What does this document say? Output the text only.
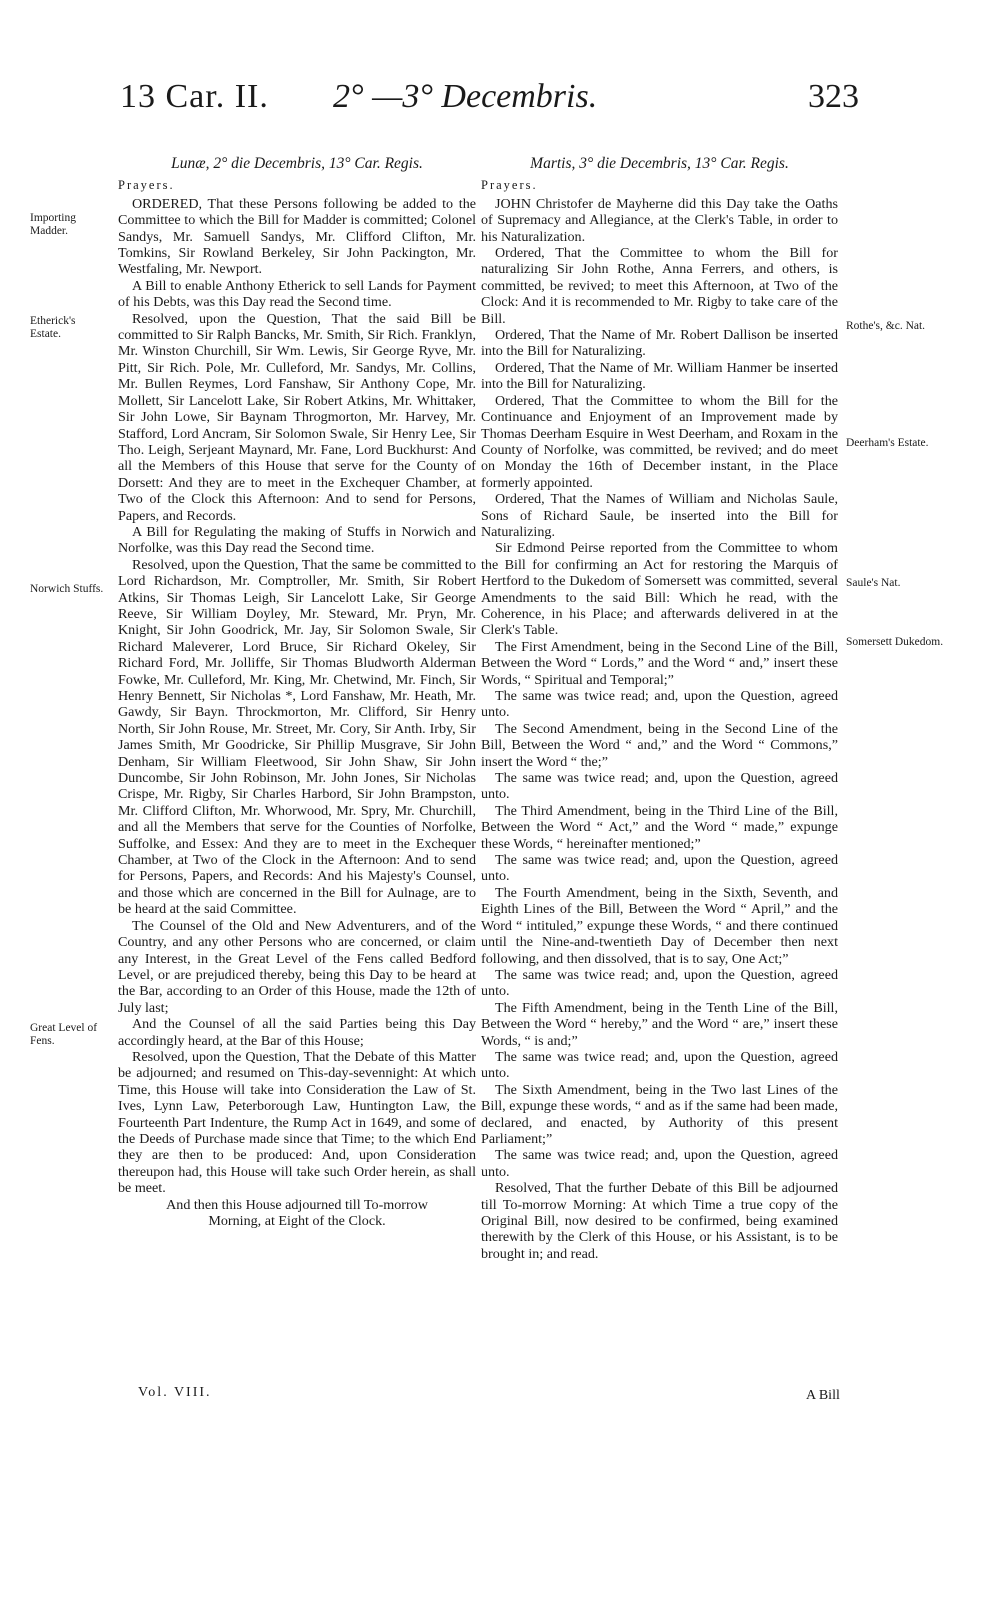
13 Car. II. 2° —3° Decembris.	323
Importing Madder.
Etherick's Estate.
Norwich Stuffs.
Great Level of Fens.
Rothe's, &c. Nat.
Deerham's Estate.
Saule's Nat.
Somersett Dukedom.

Lunæ, 2° die Decembris, 13° Car. Regis.

Prayers.

ORDERED, That these Persons following be added to the Committee to which the Bill for Madder is committed; Colonel Sandys, Mr. Samuell Sandys, Mr. Clifford Clifton, Mr. Tomkins, Sir Rowland Berkeley, Sir John Packington, Mr. Westfaling, Mr. Newport.

A Bill to enable Anthony Etherick to sell Lands for Payment of his Debts, was this Day read the Second time.

Resolved, upon the Question, That the said Bill be committed to Sir Ralph Bancks, Mr. Smith, Sir Rich. Franklyn, Mr. Winston Churchill, Sir Wm. Lewis, Sir George Ryve, Mr. Pitt, Sir Rich. Pole, Mr. Culleford, Mr. Sandys, Mr. Collins, Mr. Bullen Reymes, Lord Fanshaw, Sir Anthony Cope, Mr. Mollett, Sir Lancelott Lake, Sir Robert Atkins, Mr. Whittaker, Sir John Lowe, Sir Baynam Throgmorton, Mr. Harvey, Mr. Stafford, Lord Ancram, Sir Solomon Swale, Sir Henry Lee, Sir Tho. Leigh, Serjeant Maynard, Mr. Fane, Lord Buckhurst: And all the Members of this House that serve for the County of Dorsett: And they are to meet in the Exchequer Chamber, at Two of the Clock this Afternoon: And to send for Persons, Papers, and Records.

A Bill for Regulating the making of Stuffs in Norwich and Norfolke, was this Day read the Second time.

Resolved, upon the Question, That the same be committed to Lord Richardson, Mr. Comptroller, Mr. Smith, Sir Robert Atkins, Sir Thomas Leigh, Sir Lancelott Lake, Sir George Reeve, Sir William Doyley, Mr. Steward, Mr. Pryn, Mr. Knight, Sir John Goodrick, Mr. Jay, Sir Solomon Swale, Sir Richard Maleverer, Lord Bruce, Sir Richard Okeley, Sir Richard Ford, Mr. Jolliffe, Sir Thomas Bludworth Alderman Fowke, Mr. Culleford, Mr. King, Mr. Chetwind, Mr. Finch, Sir Henry Bennett, Sir Nicholas *, Lord Fanshaw, Mr. Heath, Mr. Gawdy, Sir Bayn. Throckmorton, Mr. Clifford, Sir Henry North, Sir John Rouse, Mr. Street, Mr. Cory, Sir Anth. Irby, Sir James Smith, Mr Goodricke, Sir Phillip Musgrave, Sir John Denham, Sir William Fleetwood, Sir John Shaw, Sir John Duncombe, Sir John Robinson, Mr. John Jones, Sir Nicholas Crispe, Mr. Rigby, Sir Charles Harbord, Sir John Brampston, Mr. Clifford Clifton, Mr. Whorwood, Mr. Spry, Mr. Churchill, and all the Members that serve for the Counties of Norfolke, Suffolke, and Essex: And they are to meet in the Exchequer Chamber, at Two of the Clock in the Afternoon: And to send for Persons, Papers, and Records: And his Majesty's Counsel, and those which are concerned in the Bill for Aulnage, are to be heard at the said Committee.

The Counsel of the Old and New Adventurers, and of the Country, and any other Persons who are concerned, or claim any Interest, in the Great Level of the Fens called Bedford Level, or are prejudiced thereby, being this Day to be heard at the Bar, according to an Order of this House, made the 12th of July last;

And the Counsel of all the said Parties being this Day accordingly heard, at the Bar of this House;

Resolved, upon the Question, That the Debate of this Matter be adjourned; and resumed on This-day-sevennight: At which Time, this House will take into Consideration the Law of St. Ives, Lynn Law, Peterborough Law, Huntington Law, the Fourteenth Part Indenture, the Rump Act in 1649, and some of the Deeds of Purchase made since that Time; to the which End they are then to be produced: And, upon Consideration thereupon had, this House will take such Order herein, as shall be meet.

And then this House adjourned till To-morrow Morning, at Eight of the Clock.

Martis, 3° die Decembris, 13° Car. Regis.

Prayers.

JOHN Christofer de Mayherne did this Day take the Oaths of Supremacy and Allegiance, at the Clerk's Table, in order to his Naturalization.

Ordered, That the Committee to whom the Bill for naturalizing Sir John Rothe, Anna Ferrers, and others, is committed, be revived; to meet this Afternoon, at Two of the Clock: And it is recommended to Mr. Rigby to take care of the Bill.

Ordered, That the Name of Mr. Robert Dallison be inserted into the Bill for Naturalizing.

Ordered, That the Name of Mr. William Hanmer be inserted into the Bill for Naturalizing.

Ordered, That the Committee to whom the Bill for the Continuance and Enjoyment of an Improvement made by Thomas Deerham Esquire in West Deerham, and Roxam in the County of Norfolke, was committed, be revived; and do meet on Monday the 16th of December instant, in the Place formerly appointed.

Ordered, That the Names of William and Nicholas Saule, Sons of Richard Saule, be inserted into the Bill for Naturalizing.

Sir Edmond Peirse reported from the Committee to whom the Bill for confirming an Act for restoring the Marquis of Hertford to the Dukedom of Somersett was committed, several Amendments to the said Bill: Which he read, with the Coherence, in his Place; and afterwards delivered in at the Clerk's Table.

The First Amendment, being in the Second Line of the Bill, Between the Word “ Lords,” and the Word “ and,” insert these Words, “ Spiritual and Temporal;”

The same was twice read; and, upon the Question, agreed unto.

The Second Amendment, being in the Second Line of the Bill, Between the Word “ and,” and the Word “ Commons,” insert the Word “ the;”

The same was twice read; and, upon the Question, agreed unto.

The Third Amendment, being in the Third Line of the Bill, Between the Word “ Act,” and the Word “ made,” expunge these Words, “ hereinafter mentioned;”

The same was twice read; and, upon the Question, agreed unto.

The Fourth Amendment, being in the Sixth, Seventh, and Eighth Lines of the Bill, Between the Word “ April,” and the Word “ intituled,” expunge these Words, “ and there continued until the Nine-and-twentieth Day of December then next following, and then dissolved, that is to say, One Act;”

The same was twice read; and, upon the Question, agreed unto.

The Fifth Amendment, being in the Tenth Line of the Bill, Between the Word “ hereby,” and the Word “ are,” insert these Words, “ is and;”

The same was twice read; and, upon the Question, agreed unto.

The Sixth Amendment, being in the Two last Lines of the Bill, expunge these words, “ and as if the same had been made, declared, and enacted, by Authority of this present Parliament;”

The same was twice read; and, upon the Question, agreed unto.

Resolved, That the further Debate of this Bill be adjourned till To-morrow Morning: At which Time a true copy of the Original Bill, now desired to be confirmed, being examined therewith by the Clerk of this House, or his Assistant, is to be brought in; and read.

Vol. VIII.	A Bill
